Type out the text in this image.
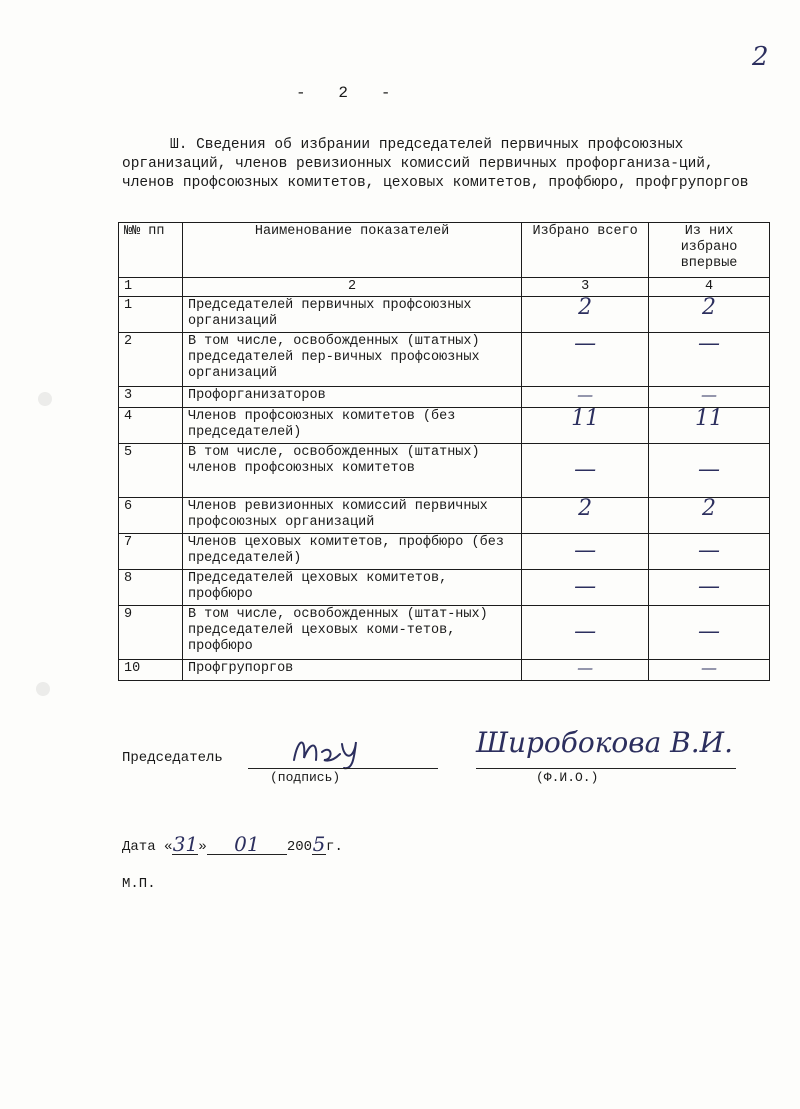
2
-   2   -

Ш. Сведения об избрании председателей первичных профсоюзных
организаций, членов ревизионных комиссий первичных профорганиза-ций, членов профсоюзных комитетов, цеховых комитетов, профбюро, профгрупоргов

№№ пп	Наименование показателей	Избрано всего	Из них избрано впервые
1	2	3	4
1	Председателей первичных профсоюзных организаций	2	2
2	В том числе, освобожденных (штатных) председателей пер-вичных профсоюзных организаций	—	—
3	Профорганизаторов	—	—
4	Членов профсоюзных комитетов (без председателей)	11	11
5	В том числе, освобожденных (штатных) членов профсоюзных комитетов	—	—
6	Членов ревизионных комиссий первичных профсоюзных организаций	2	2
7	Членов цеховых комитетов, профбюро (без председателей)	—	—
8	Председателей цеховых комитетов, профбюро	—	—
9	В том числе, освобожденных (штат-ных) председателей цеховых коми-тетов, профбюро	—	—
10	Профгрупоргов	—	—
Председатель	Широбокова В.И.
(подпись)	(Ф.И.О.)
Дата «31» 01 2005г.
М.П.
